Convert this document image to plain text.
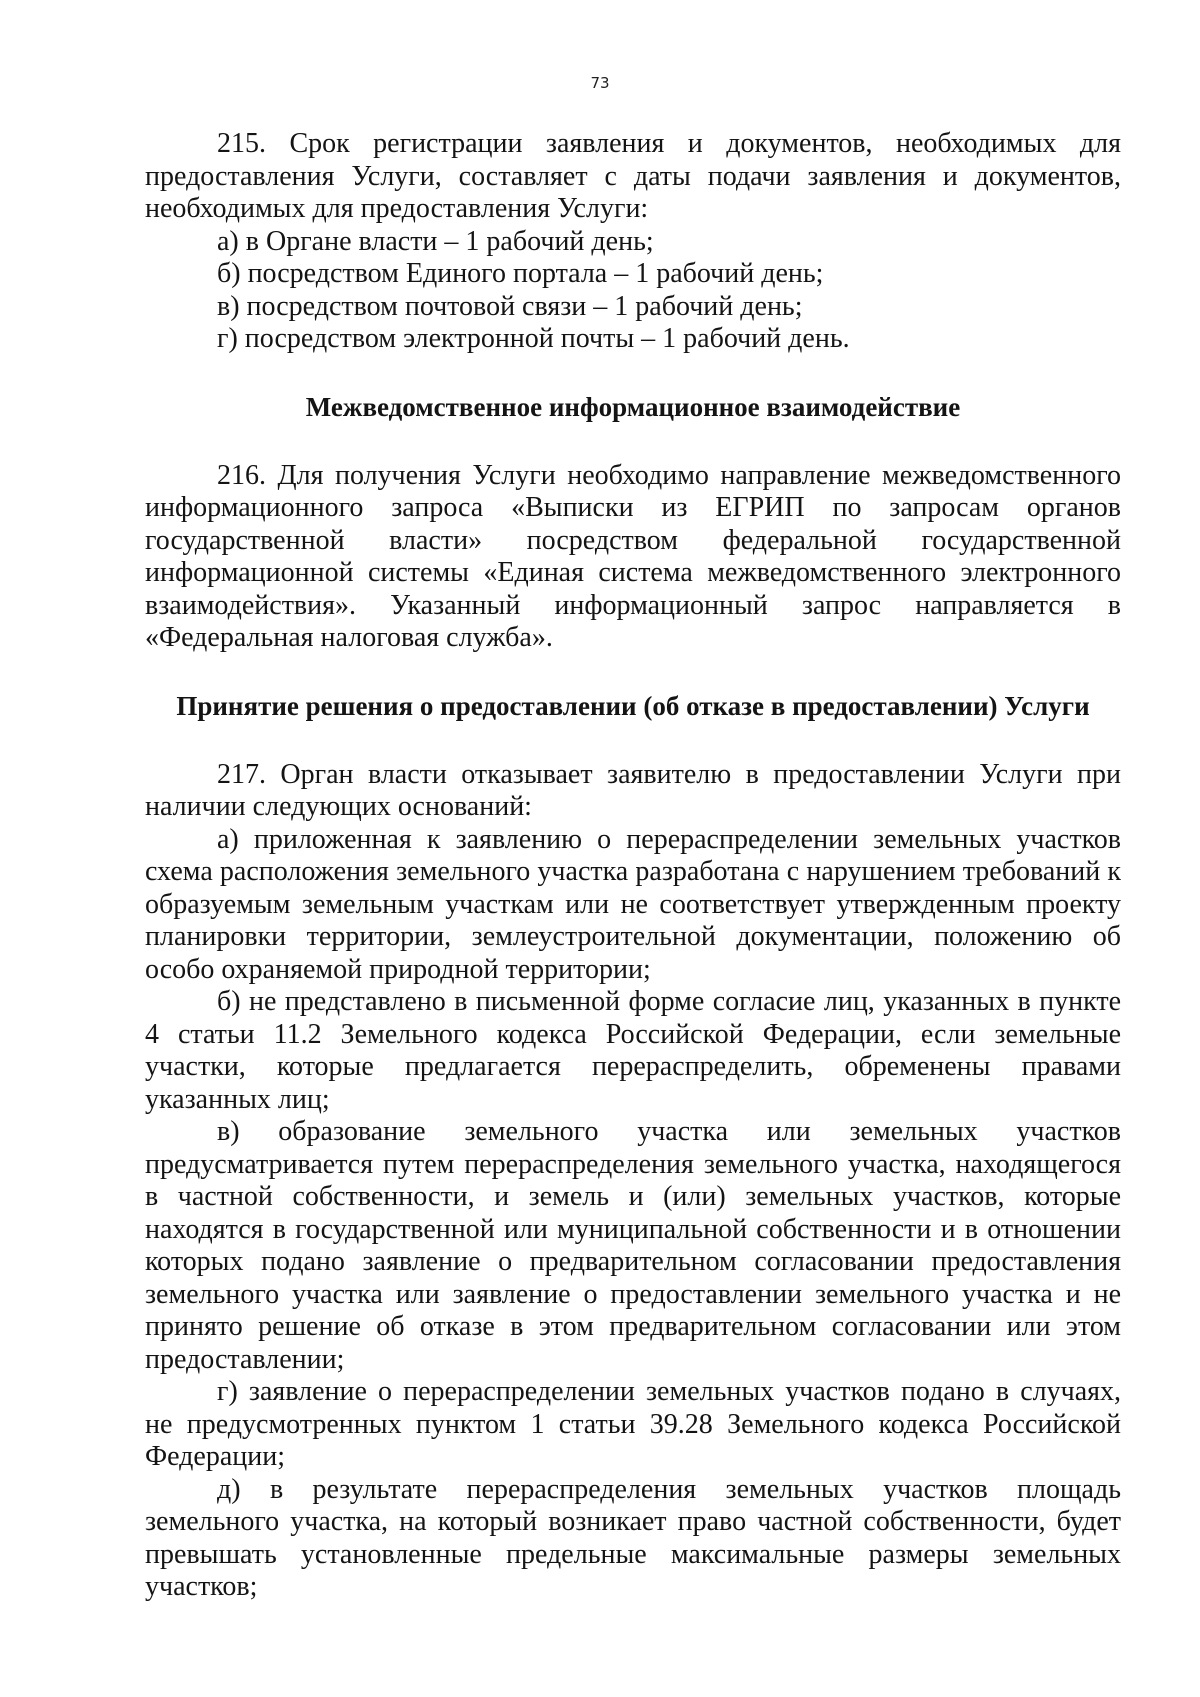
73

215. Срок регистрации заявления и документов, необходимых для предоставления Услуги, составляет с даты подачи заявления и документов, необходимых для предоставления Услуги:

а) в Органе власти – 1 рабочий день;

б) посредством Единого портала – 1 рабочий день;

в) посредством почтовой связи – 1 рабочий день;

г) посредством электронной почты – 1 рабочий день.

Межведомственное информационное взаимодействие

216. Для получения Услуги необходимо направление межведомственного информационного запроса «Выписки из ЕГРИП по запросам органов государственной власти» посредством федеральной государственной информационной системы «Единая система межведомственного электронного взаимодействия». Указанный информационный запрос направляется в «Федеральная налоговая служба».

Принятие решения о предоставлении (об отказе в предоставлении) Услуги

217. Орган власти отказывает заявителю в предоставлении Услуги при наличии следующих оснований:

а) приложенная к заявлению о перераспределении земельных участков схема расположения земельного участка разработана с нарушением требований к образуемым земельным участкам или не соответствует утвержденным проекту планировки территории, землеустроительной документации, положению об особо охраняемой природной территории;

б) не представлено в письменной форме согласие лиц, указанных в пункте 4 статьи 11.2 Земельного кодекса Российской Федерации, если земельные участки, которые предлагается перераспределить, обременены правами указанных лиц;

в) образование земельного участка или земельных участков предусматривается путем перераспределения земельного участка, находящегося в частной собственности, и земель и (или) земельных участков, которые находятся в государственной или муниципальной собственности и в отношении которых подано заявление о предварительном согласовании предоставления земельного участка или заявление о предоставлении земельного участка и не принято решение об отказе в этом предварительном согласовании или этом предоставлении;

г) заявление о перераспределении земельных участков подано в случаях, не предусмотренных пунктом 1 статьи 39.28 Земельного кодекса Российской Федерации;

д) в результате перераспределения земельных участков площадь земельного участка, на который возникает право частной собственности, будет превышать установленные предельные максимальные размеры земельных участков;
